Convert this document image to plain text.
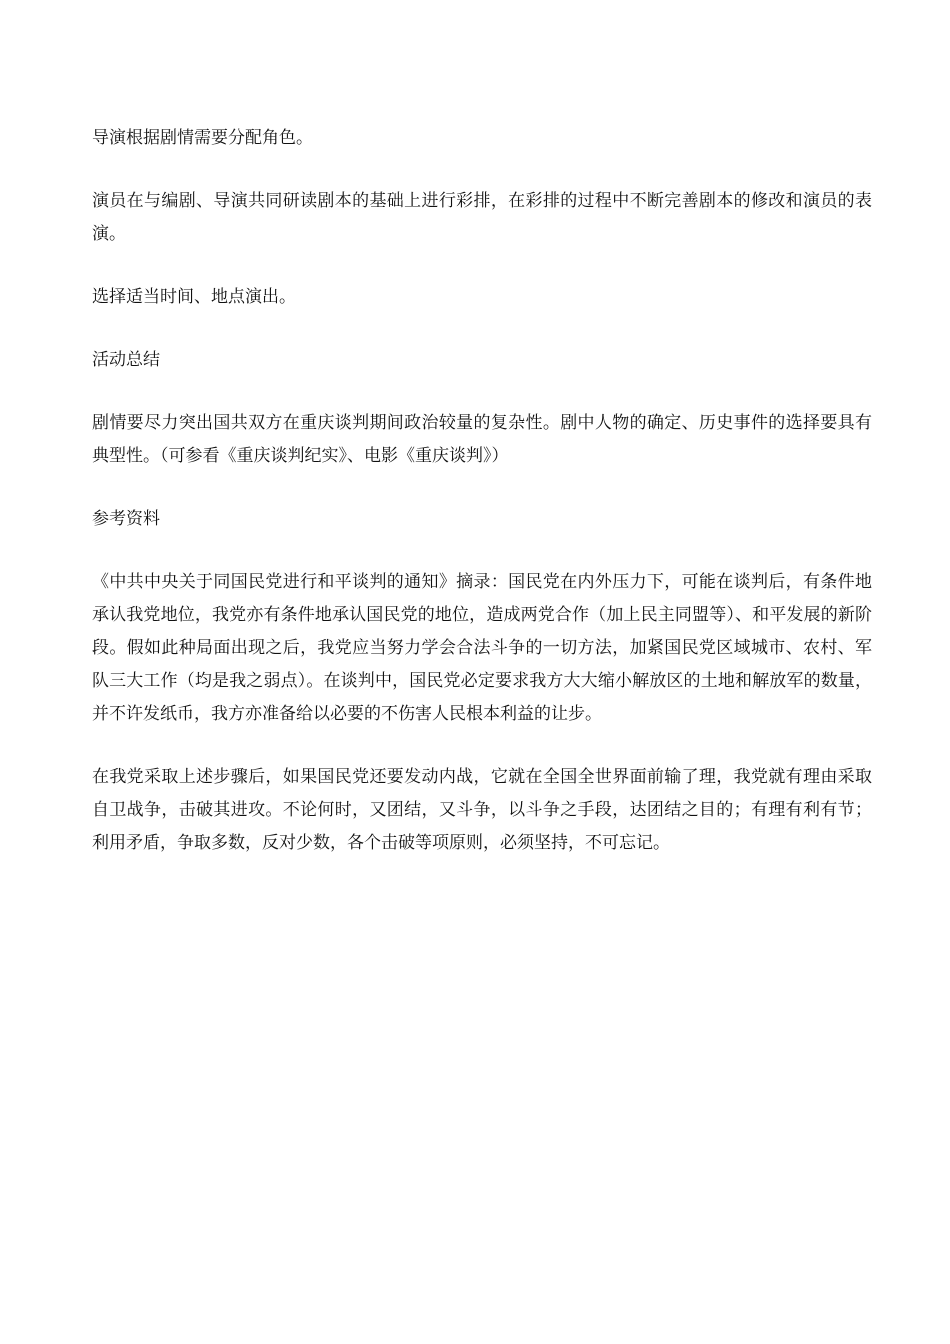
导演根据剧情需要分配角色。

演员在与编剧、导演共同研读剧本的基础上进行彩排，在彩排的过程中不断完善剧本的修改和演员的表演。

选择适当时间、地点演出。

活动总结

剧情要尽力突出国共双方在重庆谈判期间政治较量的复杂性。剧中人物的确定、历史事件的选择要具有典型性。（可参看《重庆谈判纪实》、电影《重庆谈判》）

参考资料

《中共中央关于同国民党进行和平谈判的通知》摘录：国民党在内外压力下，可能在谈判后，有条件地承认我党地位，我党亦有条件地承认国民党的地位，造成两党合作（加上民主同盟等）、和平发展的新阶段。假如此种局面出现之后，我党应当努力学会合法斗争的一切方法，加紧国民党区域城市、农村、军队三大工作（均是我之弱点）。在谈判中，国民党必定要求我方大大缩小解放区的土地和解放军的数量，并不许发纸币，我方亦准备给以必要的不伤害人民根本利益的让步。

在我党采取上述步骤后，如果国民党还要发动内战，它就在全国全世界面前输了理，我党就有理由采取自卫战争，击破其进攻。不论何时，又团结，又斗争，以斗争之手段，达团结之目的；有理有利有节；利用矛盾，争取多数，反对少数，各个击破等项原则，必须坚持，不可忘记。
